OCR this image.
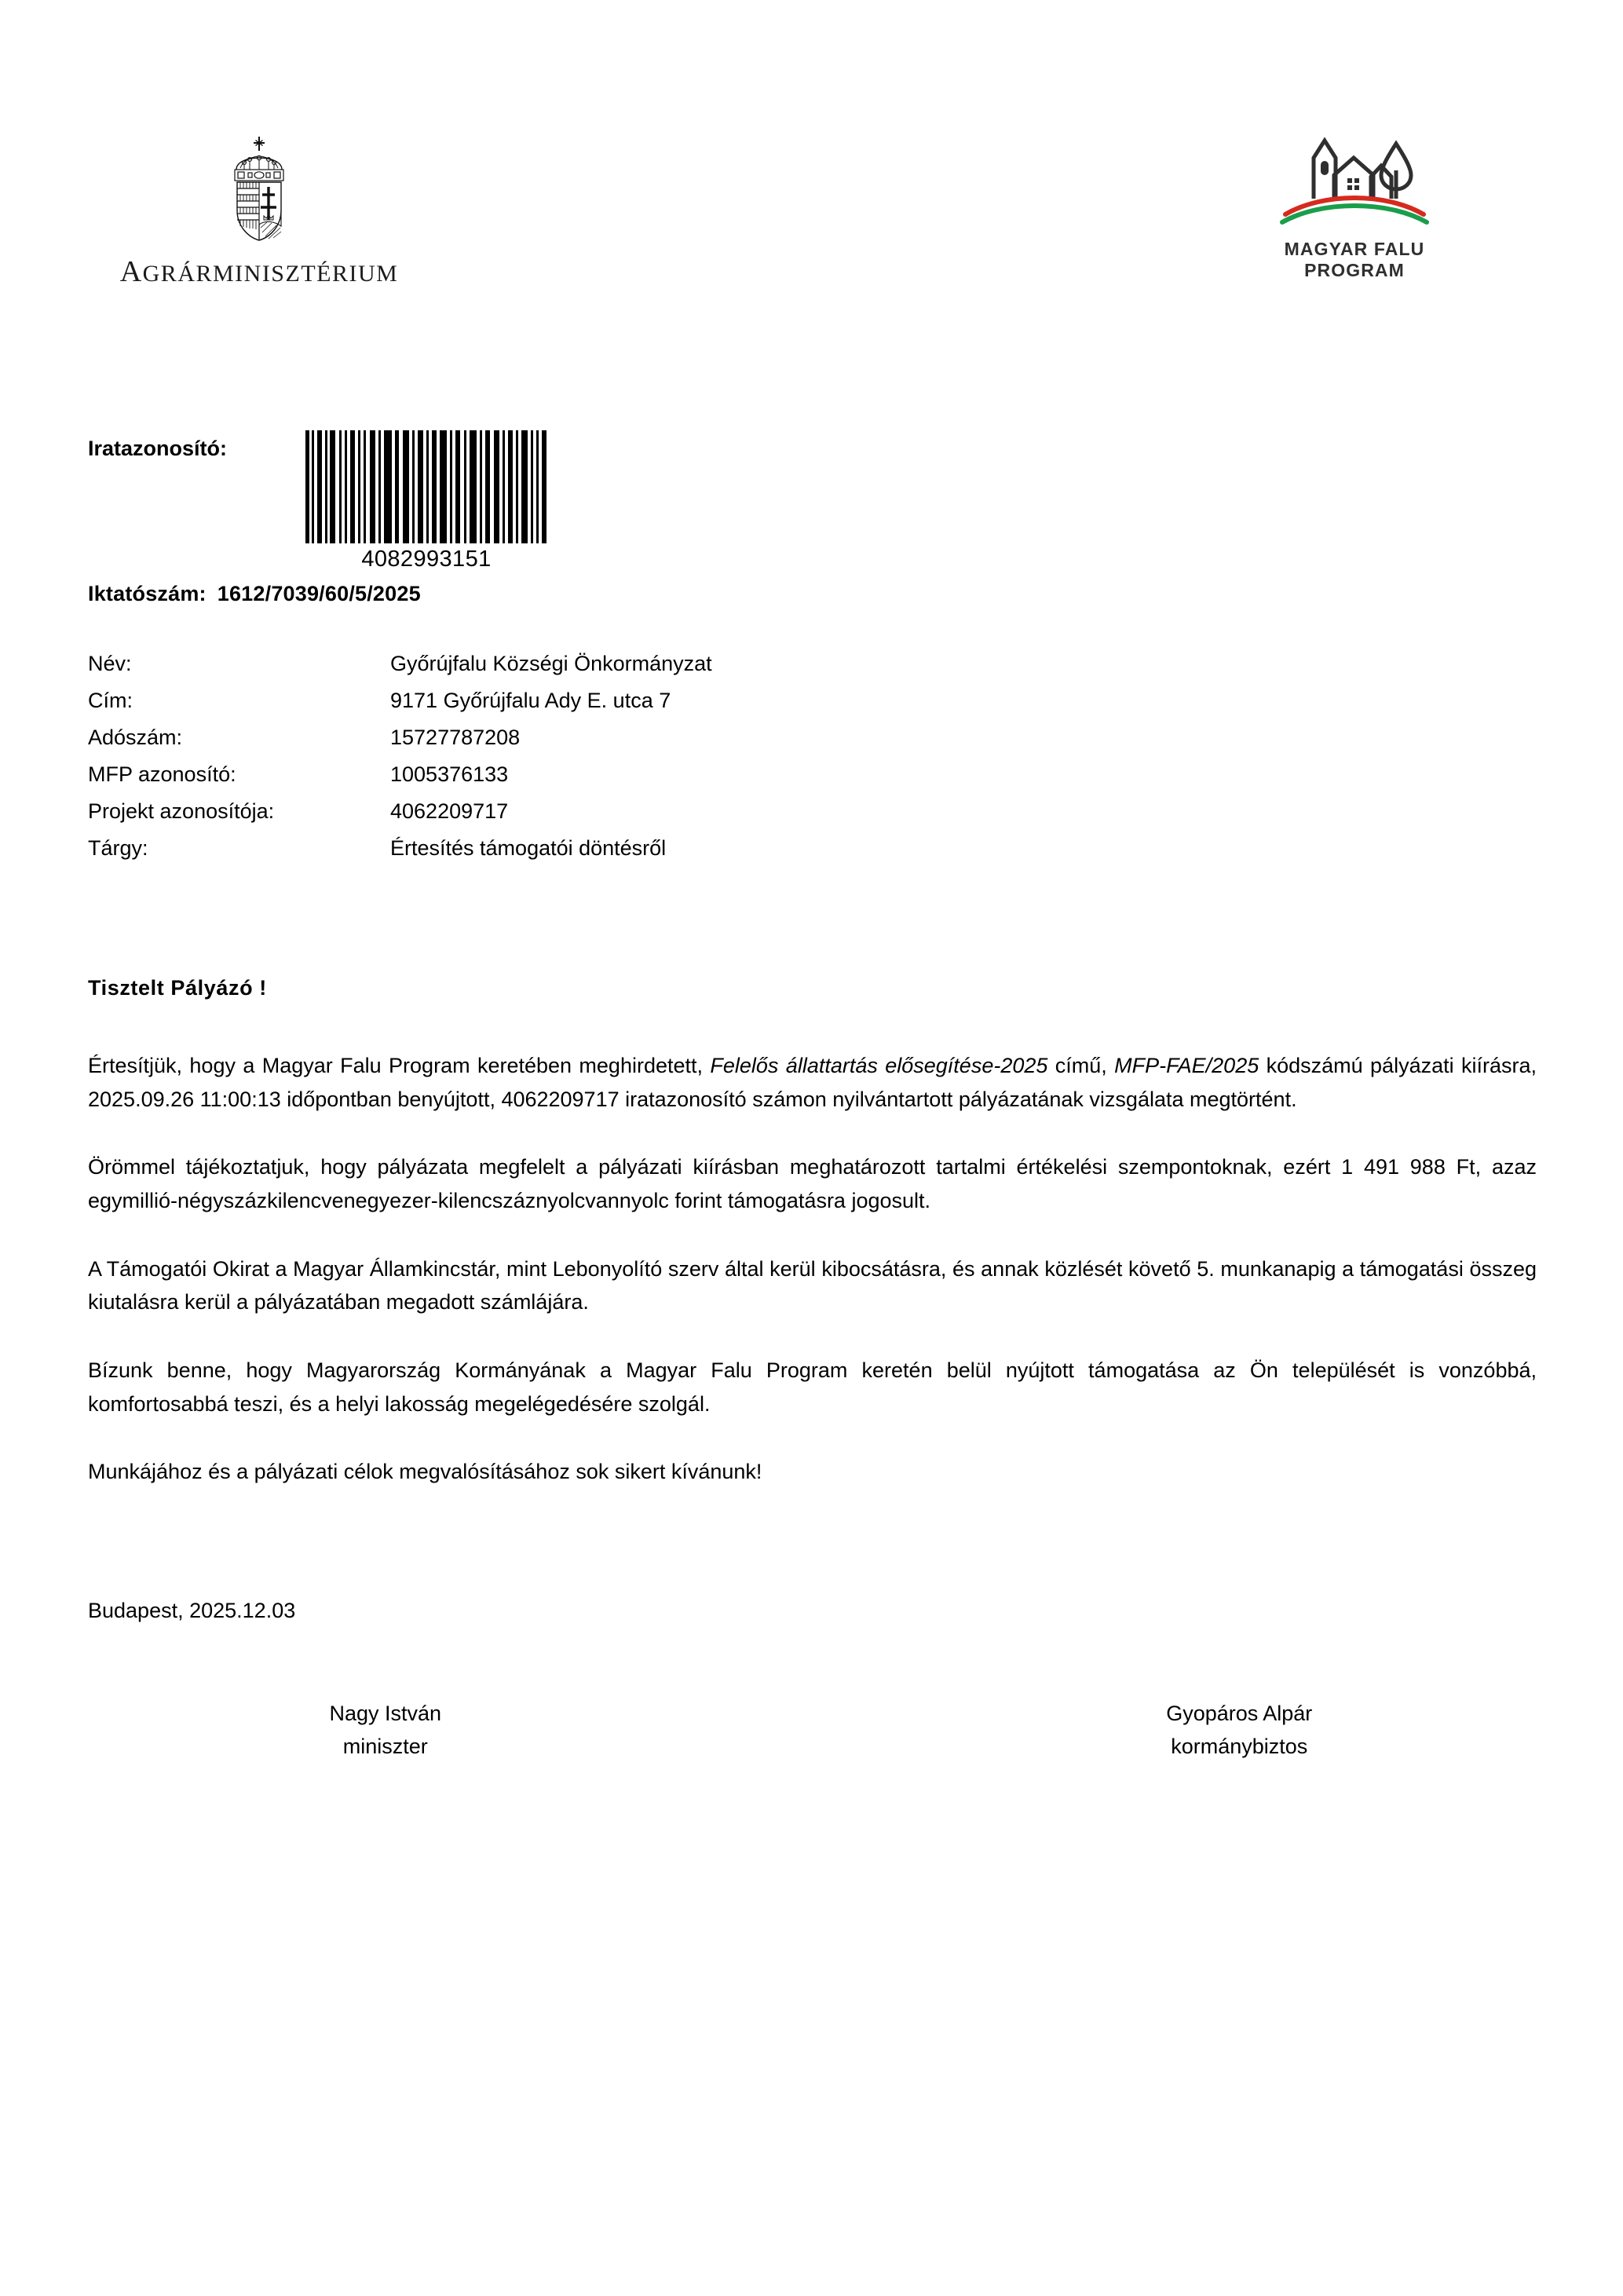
AGRÁRMINISZTÉRIUM
MAGYAR FALU
PROGRAM
Iratazonosító:
4082993151
Iktatószám: 1612/7039/60/5/2025
Név:	Győrújfalu Községi Önkormányzat
Cím:	9171 Győrújfalu Ady E. utca 7
Adószám:	15727787208
MFP azonosító:	1005376133
Projekt azonosítója:	4062209717
Tárgy:	Értesítés támogatói döntésről
Tisztelt Pályázó !

Értesítjük, hogy a Magyar Falu Program keretében meghirdetett, Felelős állattartás elősegítése-2025 című, MFP-FAE/2025 kódszámú pályázati kiírásra, 2025.09.26 11:00:13 időpontban benyújtott, 4062209717 iratazonosító számon nyilvántartott pályázatának vizsgálata megtörtént.

Örömmel tájékoztatjuk, hogy pályázata megfelelt a pályázati kiírásban meghatározott tartalmi értékelési szempontoknak, ezért 1 491 988 Ft, azaz egymillió-négyszázkilencvenegyezer-kilencszáznyolcvannyolc forint támogatásra jogosult.

A Támogatói Okirat a Magyar Államkincstár, mint Lebonyolító szerv által kerül kibocsátásra, és annak közlését követő 5. munkanapig a támogatási összeg kiutalásra kerül a pályázatában megadott számlájára.

Bízunk benne, hogy Magyarország Kormányának a Magyar Falu Program keretén belül nyújtott támogatása az Ön települését is vonzóbbá, komfortosabbá teszi, és a helyi lakosság megelégedésére szolgál.

Munkájához és a pályázati célok megvalósításához sok sikert kívánunk!

Budapest, 2025.12.03
Nagy István
miniszter
Gyopáros Alpár
kormánybiztos
